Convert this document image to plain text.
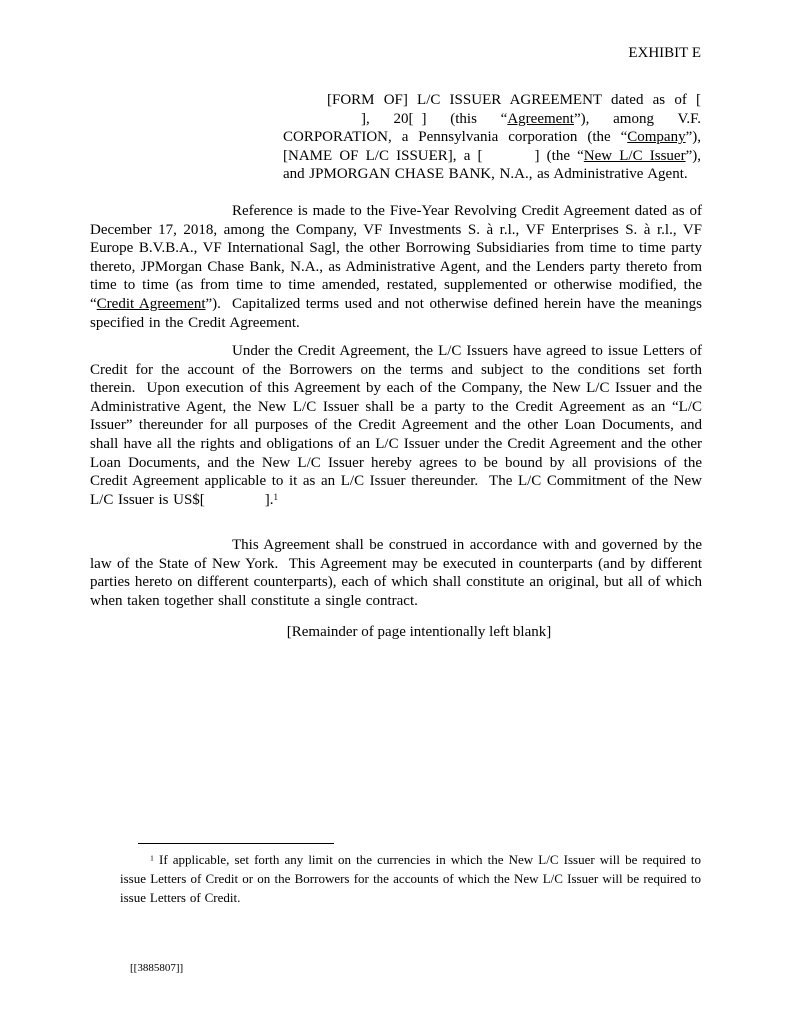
EXHIBIT E
[FORM OF] L/C ISSUER AGREEMENT dated as of [], 20[ ] (this “Agreement”), among V.F. CORPORATION, a Pennsylvania corporation (the “Company”), [NAME OF L/C ISSUER], a [	] (the “New L/C Issuer”), and JPMORGAN CHASE BANK, N.A., as Administrative Agent.
Reference is made to the Five-Year Revolving Credit Agreement dated as of December 17, 2018, among the Company, VF Investments S. à r.l., VF Enterprises S. à r.l., VF Europe B.V.B.A., VF International Sagl, the other Borrowing Subsidiaries from time to time party thereto, JPMorgan Chase Bank, N.A., as Administrative Agent, and the Lenders party thereto from time to time (as from time to time amended, restated, supplemented or otherwise modified, the “Credit Agreement”).  Capitalized terms used and not otherwise defined herein have the meanings specified in the Credit Agreement.
Under the Credit Agreement, the L/C Issuers have agreed to issue Letters of Credit for the account of the Borrowers on the terms and subject to the conditions set forth therein.  Upon execution of this Agreement by each of the Company, the New L/C Issuer and the Administrative Agent, the New L/C Issuer shall be a party to the Credit Agreement as an “L/C Issuer” thereunder for all purposes of the Credit Agreement and the other Loan Documents, and shall have all the rights and obligations of an L/C Issuer under the Credit Agreement and the other Loan Documents, and the New L/C Issuer hereby agrees to be bound by all provisions of the Credit Agreement applicable to it as an L/C Issuer thereunder.  The L/C Commitment of the New L/C Issuer is US$[	].$^1$
This Agreement shall be construed in accordance with and governed by the law of the State of New York.  This Agreement may be executed in counterparts (and by different parties hereto on different counterparts), each of which shall constitute an original, but all of which when taken together shall constitute a single contract.
[Remainder of page intentionally left blank]
$^1$ If applicable, set forth any limit on the currencies in which the New L/C Issuer will be required to issue Letters of Credit or on the Borrowers for the accounts of which the New L/C Issuer will be required to issue Letters of Credit.
[[3885807]]
